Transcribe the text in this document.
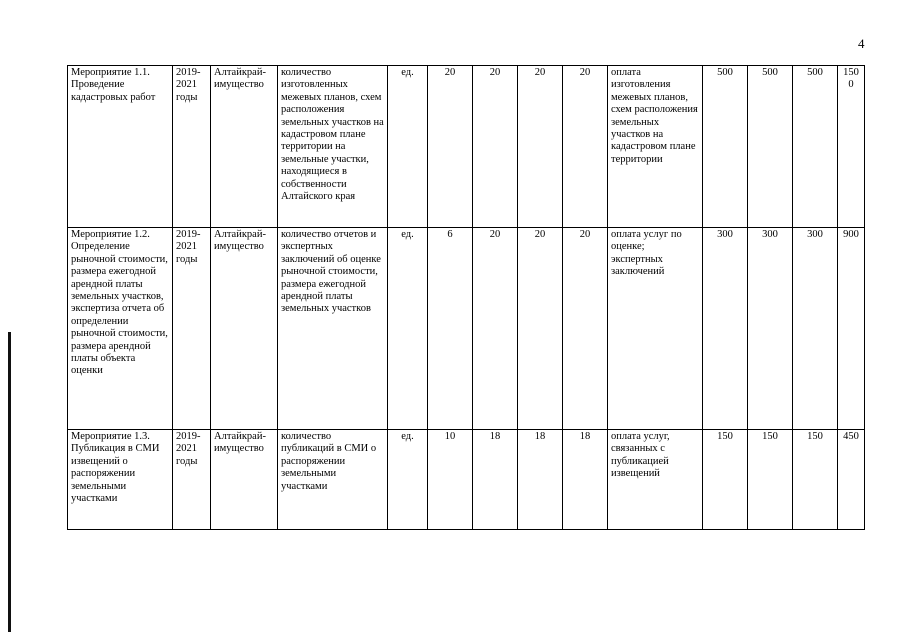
4
Мероприятие 1.1. Проведение кадастровых работ	2019-2021 годы	Алтайкрай-имущество	количество изготовленных межевых планов, схем расположения земельных участков на кадастровом плане территории на земельные участки, находящиеся в собственности Алтайского края	ед.	20	20	20	20	оплата изготовления межевых планов, схем расположения земельных участков на кадастровом плане территории	500	500	500	1500
Мероприятие 1.2. Определение рыночной стоимости, размера ежегодной арендной платы земельных участков, экспертиза отчета об определении рыночной стоимости, размера арендной платы объекта оценки	2019-2021 годы	Алтайкрай-имущество	количество отчетов и экспертных заключений об оценке рыночной стоимости, размера ежегодной арендной платы земельных участков	ед.	6	20	20	20	оплата услуг по оценке; экспертных заключений	300	300	300	900
Мероприятие 1.3. Публикация в СМИ извещений о распоряжении земельными участками	2019-2021 годы	Алтайкрай-имущество	количество публикаций в СМИ о распоряжении земельными участками	ед.	10	18	18	18	оплата услуг, связанных с публикацией извещений	150	150	150	450
